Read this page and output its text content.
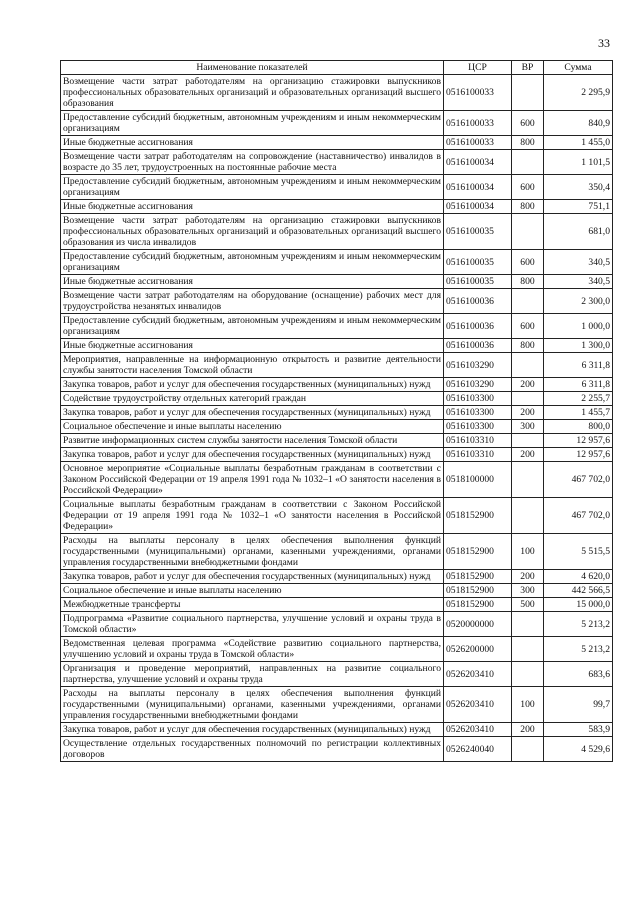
33
Наименование показателей	ЦСР	ВР	Сумма
Возмещение части затрат работодателям на организацию стажировки выпускников профессиональных образовательных организаций и образовательных организаций высшего образования	0516100033		2 295,9
Предоставление субсидий бюджетным, автономным учреждениям и иным некоммерческим организациям	0516100033	600	840,9
Иные бюджетные ассигнования	0516100033	800	1 455,0
Возмещение части затрат работодателям на сопровождение (наставничество) инвалидов в возрасте до 35 лет, трудоустроенных на постоянные рабочие места	0516100034		1 101,5
Предоставление субсидий бюджетным, автономным учреждениям и иным некоммерческим организациям	0516100034	600	350,4
Иные бюджетные ассигнования	0516100034	800	751,1
Возмещение части затрат работодателям на организацию стажировки выпускников профессиональных образовательных организаций и образовательных организаций высшего образования из числа инвалидов	0516100035		681,0
Предоставление субсидий бюджетным, автономным учреждениям и иным некоммерческим организациям	0516100035	600	340,5
Иные бюджетные ассигнования	0516100035	800	340,5
Возмещение части затрат работодателям на оборудование (оснащение) рабочих мест для трудоустройства незанятых инвалидов	0516100036		2 300,0
Предоставление субсидий бюджетным, автономным учреждениям и иным некоммерческим организациям	0516100036	600	1 000,0
Иные бюджетные ассигнования	0516100036	800	1 300,0
Мероприятия, направленные на информационную открытость и развитие деятельности службы занятости населения Томской области	0516103290		6 311,8
Закупка товаров, работ и услуг для обеспечения государственных (муниципальных) нужд	0516103290	200	6 311,8
Содействие трудоустройству отдельных категорий граждан	0516103300		2 255,7
Закупка товаров, работ и услуг для обеспечения государственных (муниципальных) нужд	0516103300	200	1 455,7
Социальное обеспечение и иные выплаты населению	0516103300	300	800,0
Развитие информационных систем службы занятости населения Томской области	0516103310		12 957,6
Закупка товаров, работ и услуг для обеспечения государственных (муниципальных) нужд	0516103310	200	12 957,6
Основное мероприятие «Социальные выплаты безработным гражданам в соответствии с Законом Российской Федерации от 19 апреля 1991 года № 1032–1 «О занятости населения в Российской Федерации»	0518100000		467 702,0
Социальные выплаты безработным гражданам в соответствии с Законом Российской Федерации от 19 апреля 1991 года № 1032–1 «О занятости населения в Российской Федерации»	0518152900		467 702,0
Расходы на выплаты персоналу в целях обеспечения выполнения функций государственными (муниципальными) органами, казенными учреждениями, органами управления государственными внебюджетными фондами	0518152900	100	5 515,5
Закупка товаров, работ и услуг для обеспечения государственных (муниципальных) нужд	0518152900	200	4 620,0
Социальное обеспечение и иные выплаты населению	0518152900	300	442 566,5
Межбюджетные трансферты	0518152900	500	15 000,0
Подпрограмма «Развитие социального партнерства, улучшение условий и охраны труда в Томской области»	0520000000		5 213,2
Ведомственная целевая программа «Содействие развитию социального партнерства, улучшению условий и охраны труда в Томской области»	0526200000		5 213,2
Организация и проведение мероприятий, направленных на развитие социального партнерства, улучшение условий и охраны труда	0526203410		683,6
Расходы на выплаты персоналу в целях обеспечения выполнения функций государственными (муниципальными) органами, казенными учреждениями, органами управления государственными внебюджетными фондами	0526203410	100	99,7
Закупка товаров, работ и услуг для обеспечения государственных (муниципальных) нужд	0526203410	200	583,9
Осуществление отдельных государственных полномочий по регистрации коллективных договоров	0526240040		4 529,6
